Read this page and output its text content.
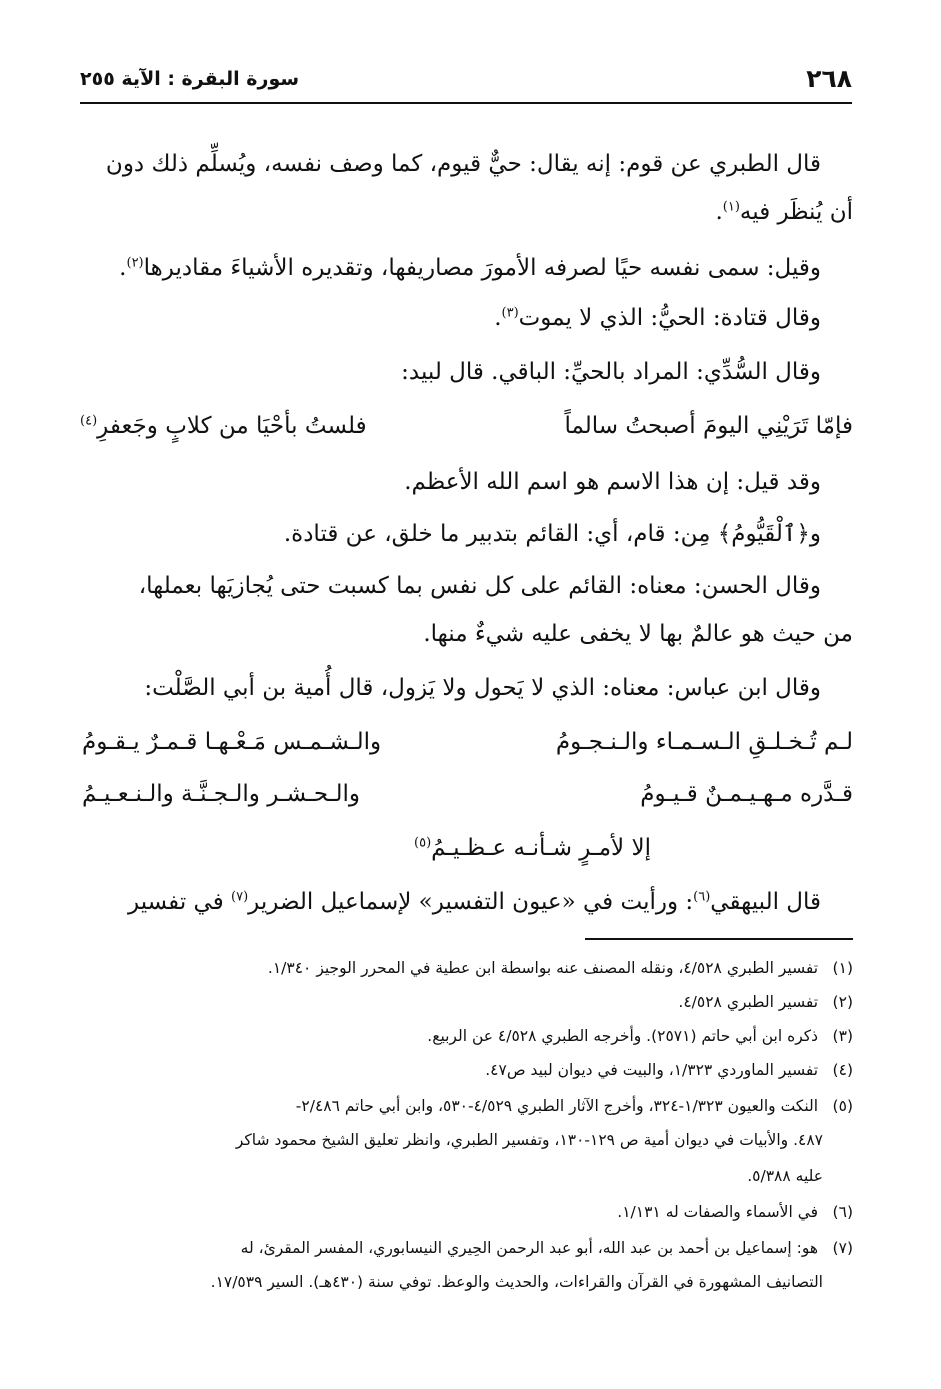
٢٦٨
سورة البقرة : الآية ٢٥٥
قال الطبري عن قوم: إنه يقال: حيٌّ قيوم، كما وصف نفسه، ويُسلِّم ذلك دون
أن يُنظَر فيه$^{(١)}$.
وقيل: سمى نفسه حيًا لصرفه الأمورَ مصاريفها، وتقديره الأشياءَ مقاديرها$^{(٢)}$.
وقال قتادة: الحيُّ: الذي لا يموت$^{(٣)}$.
وقال السُّدِّي: المراد بالحيِّ: الباقي. قال لبيد:
فإمّا تَرَيْنِي اليومَ أصبحتُ سالماً
فلستُ بأحْيَا من كلابٍ وجَعفرِ$^{(٤)}$
وقد قيل: إن هذا الاسم هو اسم الله الأعظم.
و﴿ٱلْقَيُّومُ﴾ مِن: قام، أي: القائم بتدبير ما خلق، عن قتادة.
وقال الحسن: معناه: القائم على كل نفس بما كسبت حتى يُجازيَها بعملها،
من حيث هو عالمٌ بها لا يخفى عليه شيءٌ منها.
وقال ابن عباس: معناه: الذي لا يَحول ولا يَزول، قال أُمية بن أبي الصَّلْت:
لـم تُـخـلـقِ الـسـمـاء والـنـجـومُ
والـشـمـس مَـعْـهـا قـمـرٌ يـقـومُ
قـدَّره مـهـيـمـنٌ قـيـومُ
والـحـشـر والـجـنَّـة والـنـعـيـمُ
إلا لأمـرٍ شـأنـه عـظـيـمُ$^{(٥)}$
قال البيهقي$^{(٦)}$: ورأيت في «عيون التفسير» لإسماعيل الضرير$^{(٧)}$ في تفسير
(١) تفسير الطبري ٤/٥٢٨، ونقله المصنف عنه بواسطة ابن عطية في المحرر الوجيز ١/٣٤٠.
(٢) تفسير الطبري ٤/٥٢٨.
(٣) ذكره ابن أبي حاتم (٢٥٧١). وأخرجه الطبري ٤/٥٢٨ عن الربيع.
(٤) تفسير الماوردي ١/٣٢٣، والبيت في ديوان لبيد ص٤٧.
(٥) النكت والعيون ١/٣٢٣-٣٢٤، وأخرج الآثار الطبري ٤/٥٢٩-٥٣٠، وابن أبي حاتم ٢/٤٨٦-
٤٨٧. والأبيات في ديوان أمية ص ١٢٩-١٣٠، وتفسير الطبري، وانظر تعليق الشيخ محمود شاكر
عليه ٥/٣٨٨.
(٦) في الأسماء والصفات له ١/١٣١.
(٧) هو: إسماعيل بن أحمد بن عبد الله، أبو عبد الرحمن الحِيري النيسابوري، المفسر المقرئ، له
التصانيف المشهورة في القرآن والقراءات، والحديث والوعظ. توفي سنة (٤٣٠هـ). السير ١٧/٥٣٩.
